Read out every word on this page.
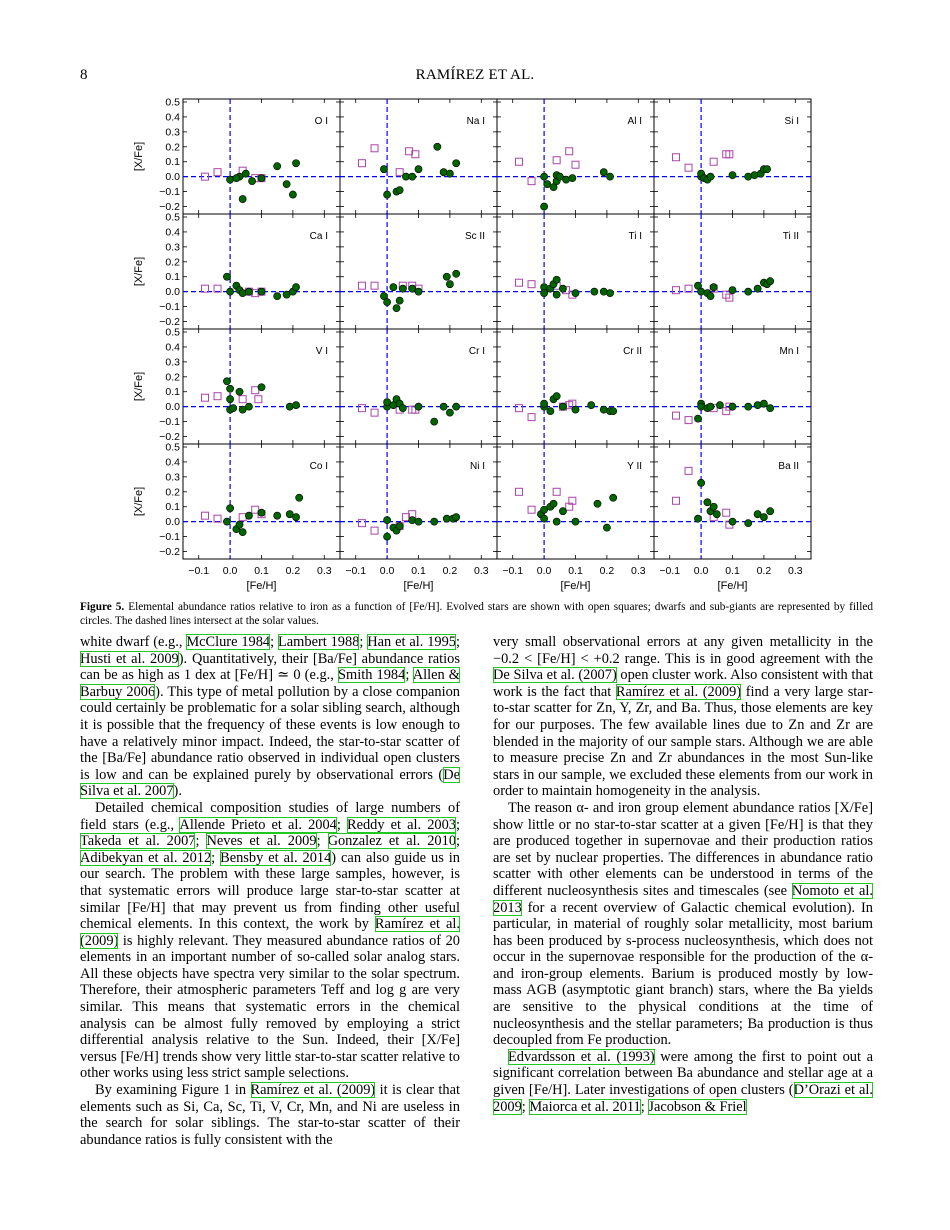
8	RAMÍREZ ET AL.
O I
−0.2
−0.1
0.0
0.1
0.2
0.3
0.4
0.5
[X/Fe]
Na I	Al I	Si I
Ca I
−0.2
−0.1
0.0
0.1
0.2
0.3
0.4
0.5
[X/Fe]
Sc II	Ti I	Ti II
V I
−0.2
−0.1
0.0
0.1
0.2
0.3
0.4
0.5
[X/Fe]
Cr I	Cr II	Mn I
Co I
−0.2
−0.1
0.0
0.1
0.2
0.3
0.4
0.5
[X/Fe]
−0.1 0.0 0.1 0.2 0.3
[Fe/H]
Ni I
−0.1 0.0 0.1 0.2 0.3
[Fe/H]
Y II
−0.1 0.0 0.1 0.2 0.3
[Fe/H]
Ba II
−0.1 0.0 0.1 0.2 0.3
[Fe/H]
Figure 5. Elemental abundance ratios relative to iron as a function of [Fe/H]. Evolved stars are shown with open squares; dwarfs and sub-giants are represented by filled circles. The dashed lines intersect at the solar values.

white dwarf (e.g., McClure 1984; Lambert 1988; Han et al. 1995; Husti et al. 2009). Quantitatively, their [Ba/Fe] abundance ratios can be as high as 1 dex at [Fe/H] ≃ 0 (e.g., Smith 1984; Allen & Barbuy 2006). This type of metal pollution by a close companion could certainly be problematic for a solar sibling search, although it is possible that the frequency of these events is low enough to have a relatively minor impact. Indeed, the star-to-star scatter of the [Ba/Fe] abundance ratio observed in individual open clusters is low and can be explained purely by observational errors (De Silva et al. 2007).

Detailed chemical composition studies of large numbers of field stars (e.g., Allende Prieto et al. 2004; Reddy et al. 2003; Takeda et al. 2007; Neves et al. 2009; Gonzalez et al. 2010; Adibekyan et al. 2012; Bensby et al. 2014) can also guide us in our search. The problem with these large samples, however, is that systematic errors will produce large star-to-star scatter at similar [Fe/H] that may prevent us from finding other useful chemical elements. In this context, the work by Ramírez et al. (2009) is highly relevant. They measured abundance ratios of 20 elements in an important number of so-called solar analog stars. All these objects have spectra very similar to the solar spectrum. Therefore, their atmospheric parameters Teff and log g are very similar. This means that systematic errors in the chemical analysis can be almost fully removed by employing a strict differential analysis relative to the Sun. Indeed, their [X/Fe] versus [Fe/H] trends show very little star-to-star scatter relative to other works using less strict sample selections.

By examining Figure 1 in Ramírez et al. (2009) it is clear that elements such as Si, Ca, Sc, Ti, V, Cr, Mn, and Ni are useless in the search for solar siblings. The star-to-star scatter of their abundance ratios is fully consistent with the

very small observational errors at any given metallicity in the −0.2 < [Fe/H] < +0.2 range. This is in good agreement with the De Silva et al. (2007) open cluster work. Also consistent with that work is the fact that Ramírez et al. (2009) find a very large star-to-star scatter for Zn, Y, Zr, and Ba. Thus, those elements are key for our purposes. The few available lines due to Zn and Zr are blended in the majority of our sample stars. Although we are able to measure precise Zn and Zr abundances in the most Sun-like stars in our sample, we excluded these elements from our work in order to maintain homogeneity in the analysis.

The reason α- and iron group element abundance ratios [X/Fe] show little or no star-to-star scatter at a given [Fe/H] is that they are produced together in supernovae and their production ratios are set by nuclear properties. The differences in abundance ratio scatter with other elements can be understood in terms of the different nucleosynthesis sites and timescales (see Nomoto et al. 2013 for a recent overview of Galactic chemical evolution). In particular, in material of roughly solar metallicity, most barium has been produced by s-process nucleosynthesis, which does not occur in the supernovae responsible for the production of the α- and iron-group elements. Barium is produced mostly by low-mass AGB (asymptotic giant branch) stars, where the Ba yields are sensitive to the physical conditions at the time of nucleosynthesis and the stellar parameters; Ba production is thus decoupled from Fe production.

Edvardsson et al. (1993) were among the first to point out a significant correlation between Ba abundance and stellar age at a given [Fe/H]. Later investigations of open clusters (D’Orazi et al. 2009; Maiorca et al. 2011; Jacobson & Friel
